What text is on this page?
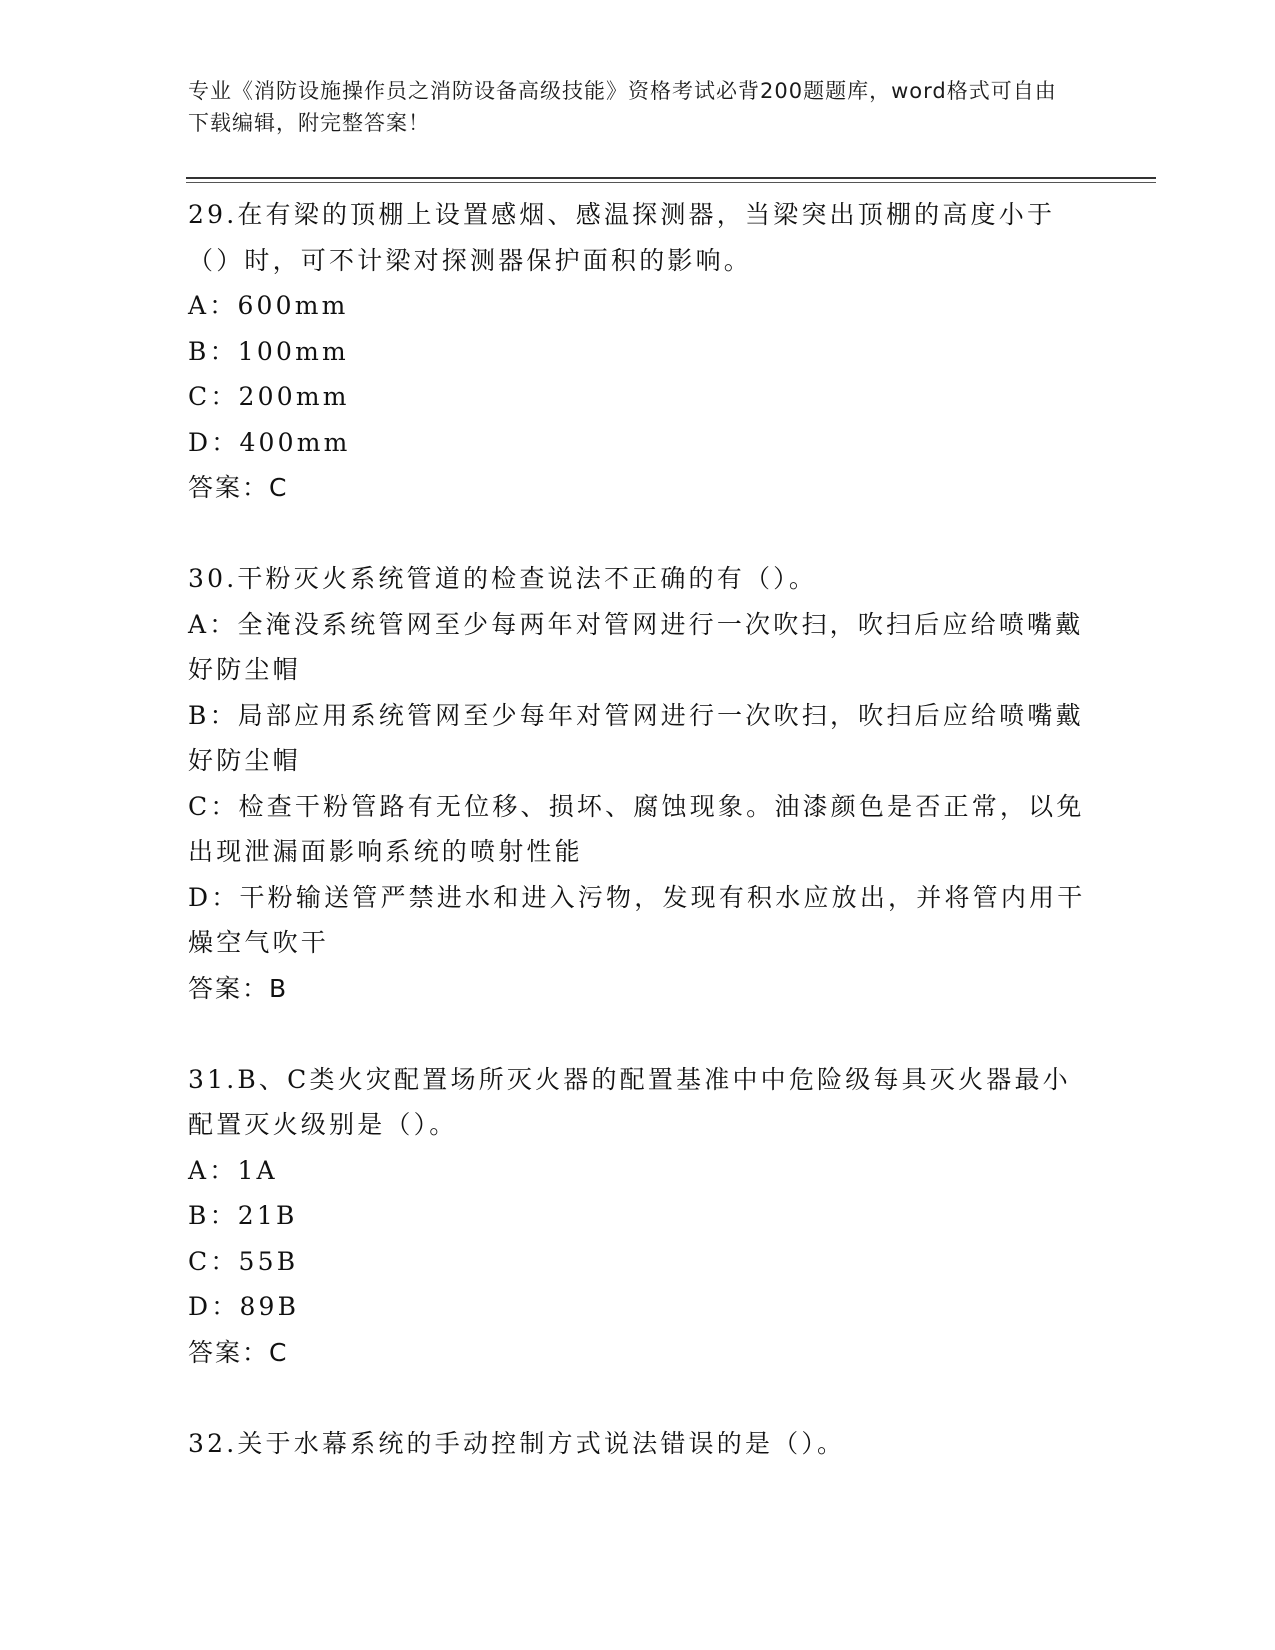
专业《消防设施操作员之消防设备高级技能》资格考试必背200题题库，word格式可自由下载编辑，附完整答案！

29.在有梁的顶棚上设置感烟、感温探测器，当梁突出顶棚的高度小于（）时，可不计梁对探测器保护面积的影响。

A：600mm

B：100mm

C：200mm

D：400mm

答案：C

30.干粉灭火系统管道的检查说法不正确的有（）。

A：全淹没系统管网至少每两年对管网进行一次吹扫，吹扫后应给喷嘴戴好防尘帽

B：局部应用系统管网至少每年对管网进行一次吹扫，吹扫后应给喷嘴戴好防尘帽

C：检查干粉管路有无位移、损坏、腐蚀现象。油漆颜色是否正常，以免出现泄漏面影响系统的喷射性能

D：干粉输送管严禁进水和进入污物，发现有积水应放出，并将管内用干燥空气吹干

答案：B

31.B、C类火灾配置场所灭火器的配置基准中中危险级每具灭火器最小配置灭火级别是（）。

A：1A

B：21B

C：55B

D：89B

答案：C

32.关于水幕系统的手动控制方式说法错误的是（）。
